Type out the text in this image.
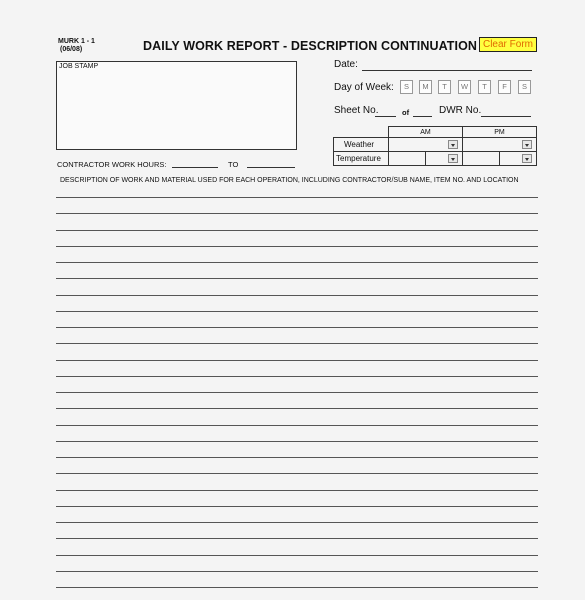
MURK 1 - 1
(06/08)	DAILY WORK REPORT - DESCRIPTION CONTINUATION Clear Form
JOB STAMP	Date:
Day of Week:	S	M	T	W	T	F	S
Sheet No.	of	DWR No.
	AM		PM	
Weather			

Temperature		

CONTRACTOR WORK HOURS:	TO
DESCRIPTION OF WORK AND MATERIAL USED FOR EACH OPERATION, INCLUDING CONTRACTOR/SUB NAME, ITEM NO. AND LOCATION
